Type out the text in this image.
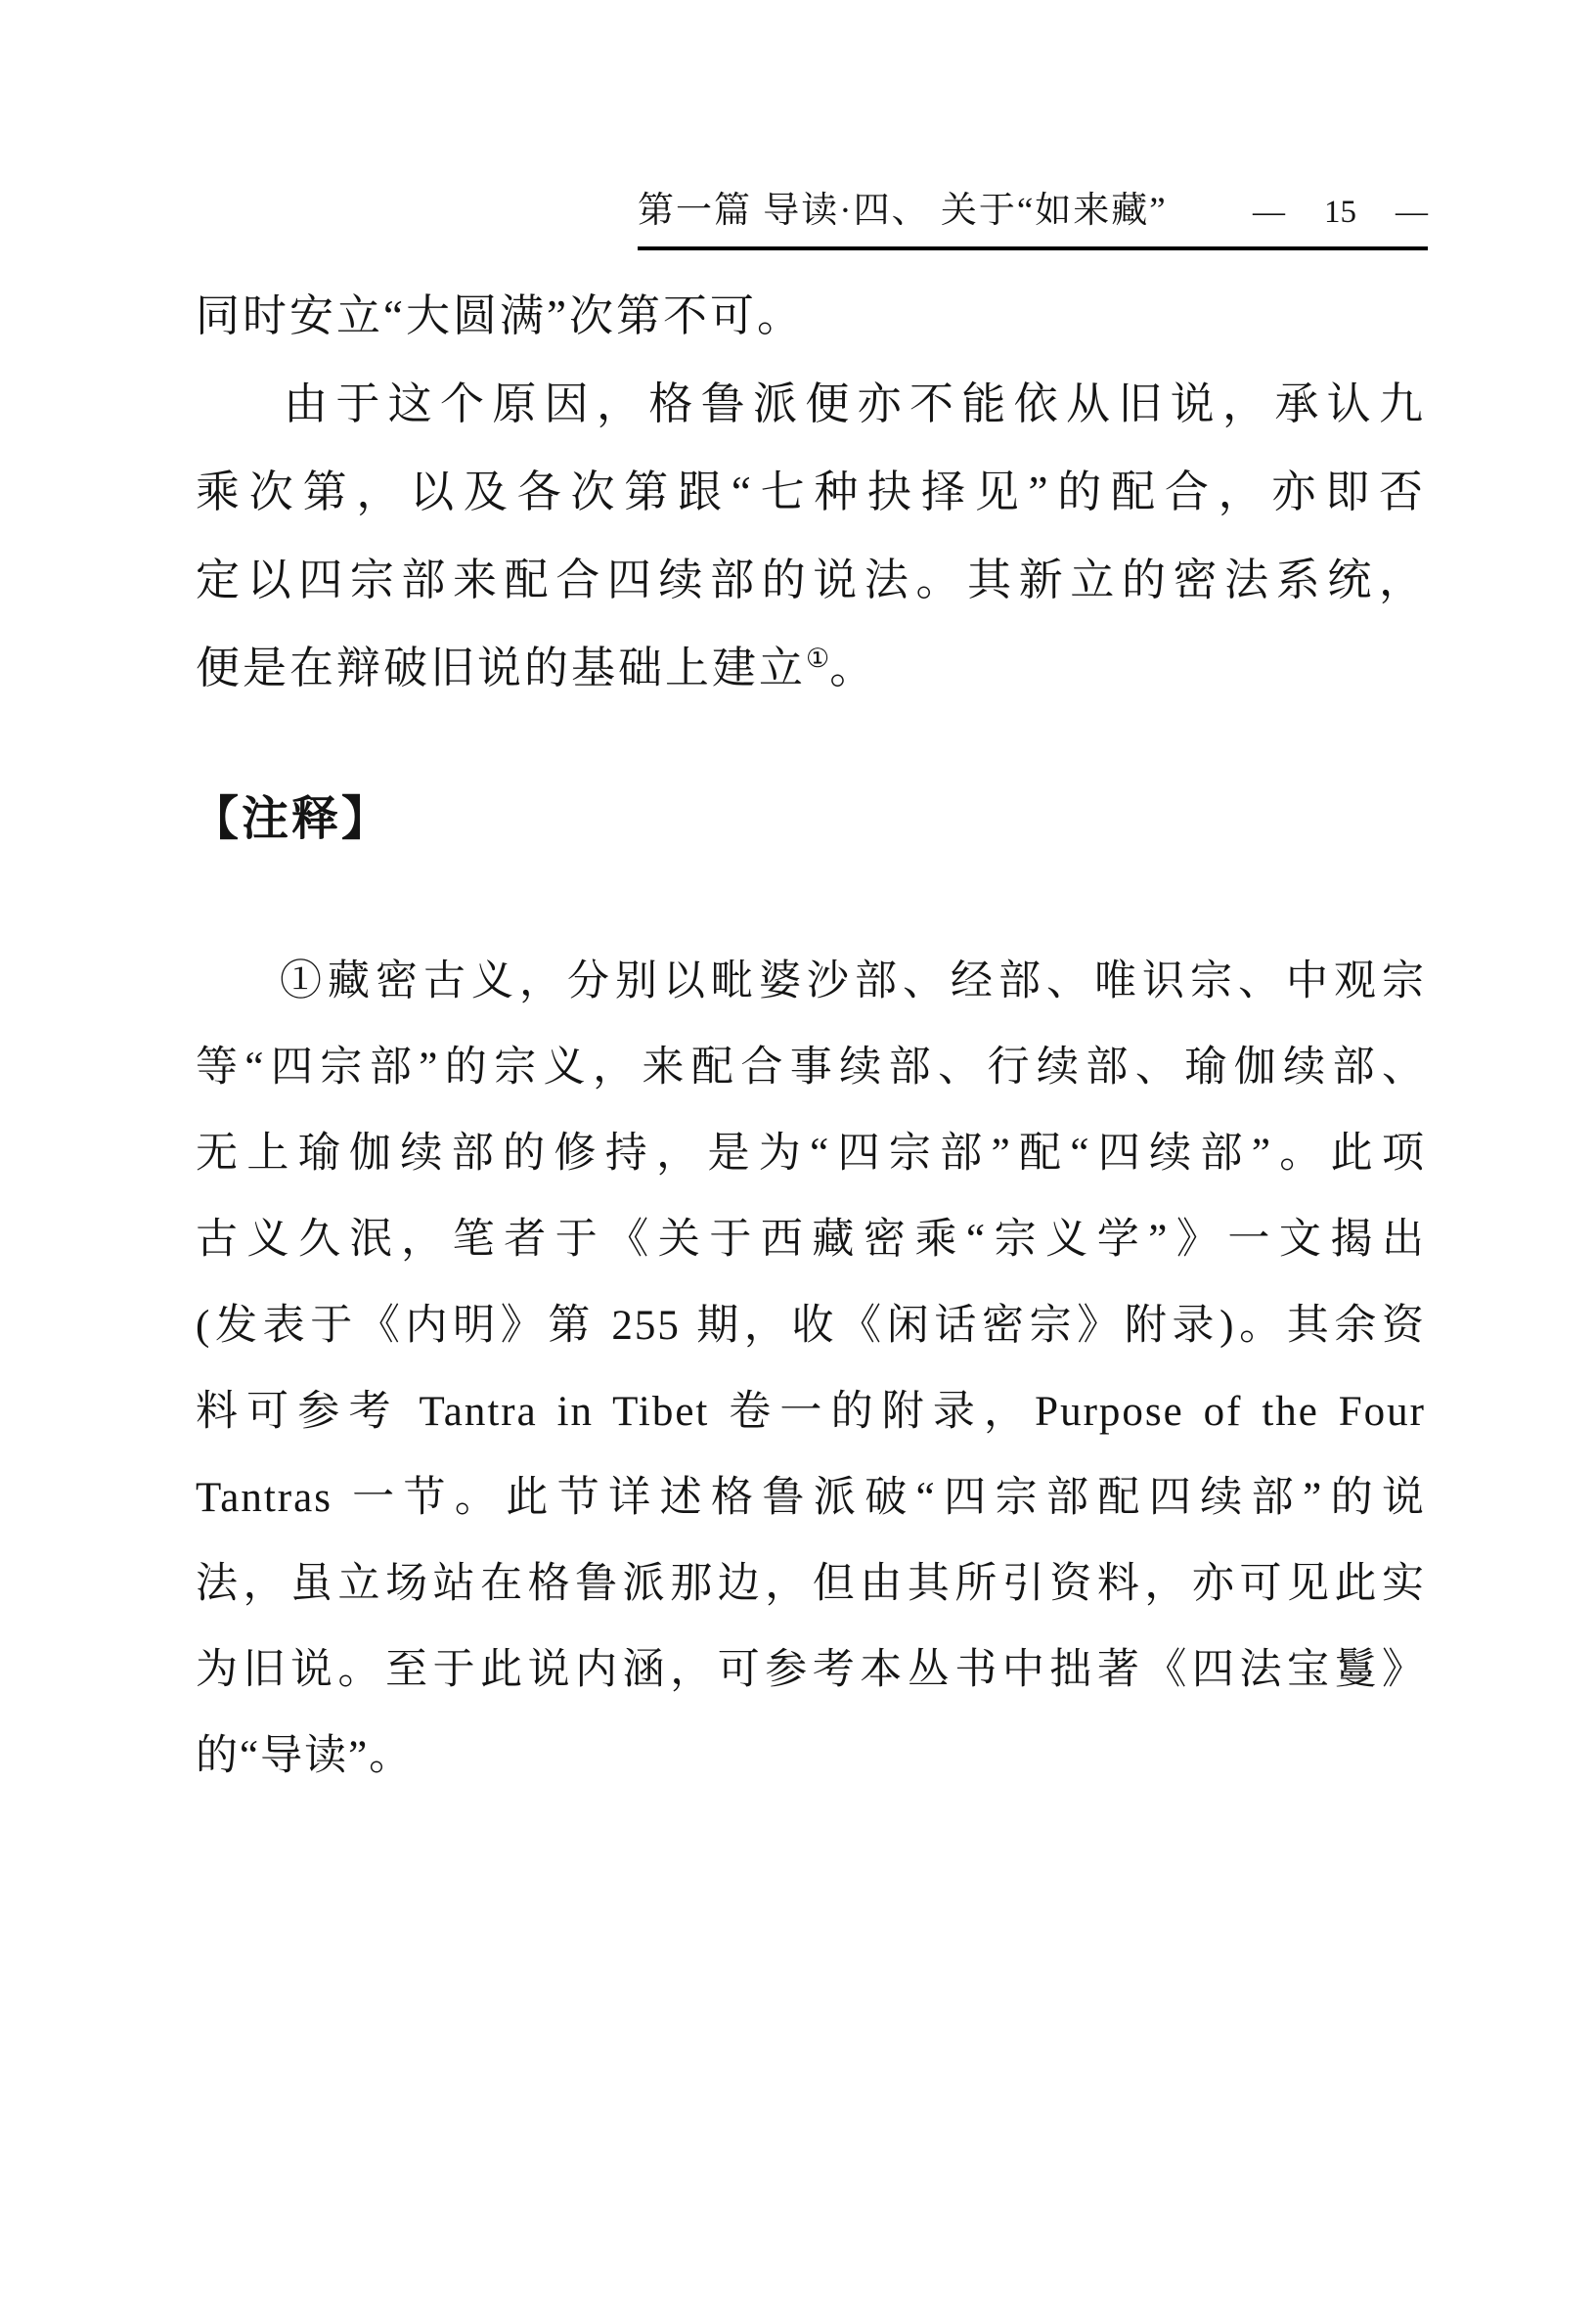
第一篇 导读·四、 关于“如来藏”	— 15 —
同时安立“大圆满”次第不可。
由于这个原因，格鲁派便亦不能依从旧说，承认九
乘次第，以及各次第跟“七种抉择见”的配合，亦即否
定以四宗部来配合四续部的说法。其新立的密法系统，
便是在辩破旧说的基础上建立①。
【注释】
①藏密古义，分别以毗婆沙部、经部、唯识宗、中观宗
等“四宗部”的宗义，来配合事续部、行续部、瑜伽续部、
无上瑜伽续部的修持，是为“四宗部”配“四续部”。此项
古义久泯，笔者于《关于西藏密乘“宗义学”》一文揭出
(发表于《内明》第 255 期，收《闲话密宗》附录)。其余资
料可参考 Tantra in Tibet 卷一的附录，Purpose of the Four
Tantras 一节。此节详述格鲁派破“四宗部配四续部”的说
法，虽立场站在格鲁派那边，但由其所引资料，亦可见此实
为旧说。至于此说内涵，可参考本丛书中拙著《四法宝鬘》
的“导读”。
